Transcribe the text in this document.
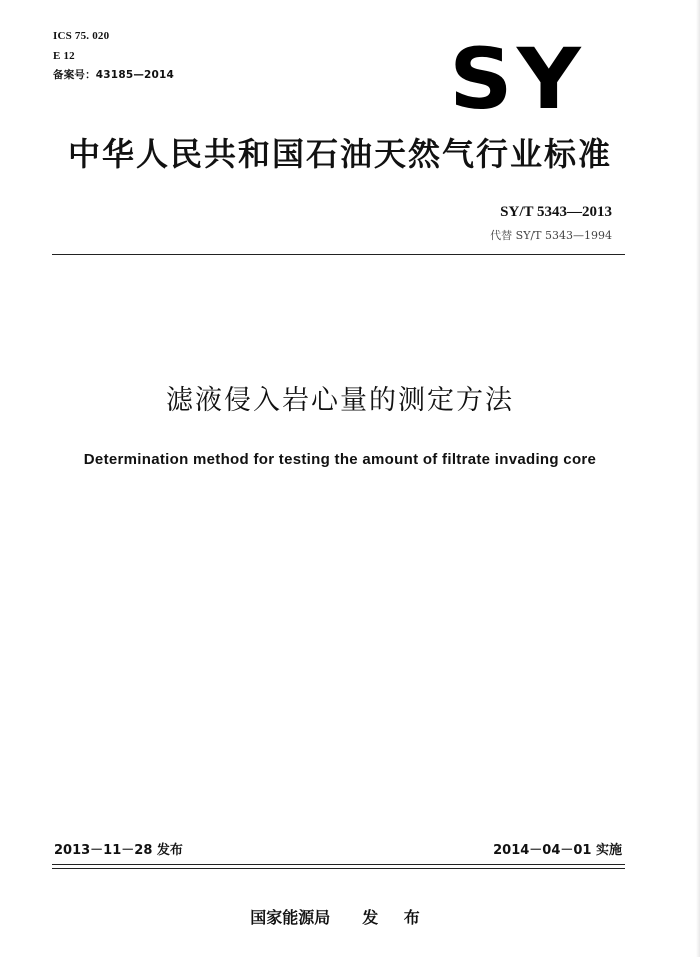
ICS 75. 020
E 12
备案号：43185—2014	SY
中华人民共和国石油天然气行业标准
SY/T 5343—2013
代替 SY/T 5343—1994
滤液侵入岩心量的测定方法
Determination method for testing the amount of filtrate invading core
2013－11－28 发布	2014－04－01 实施
国家能源局 发 布
